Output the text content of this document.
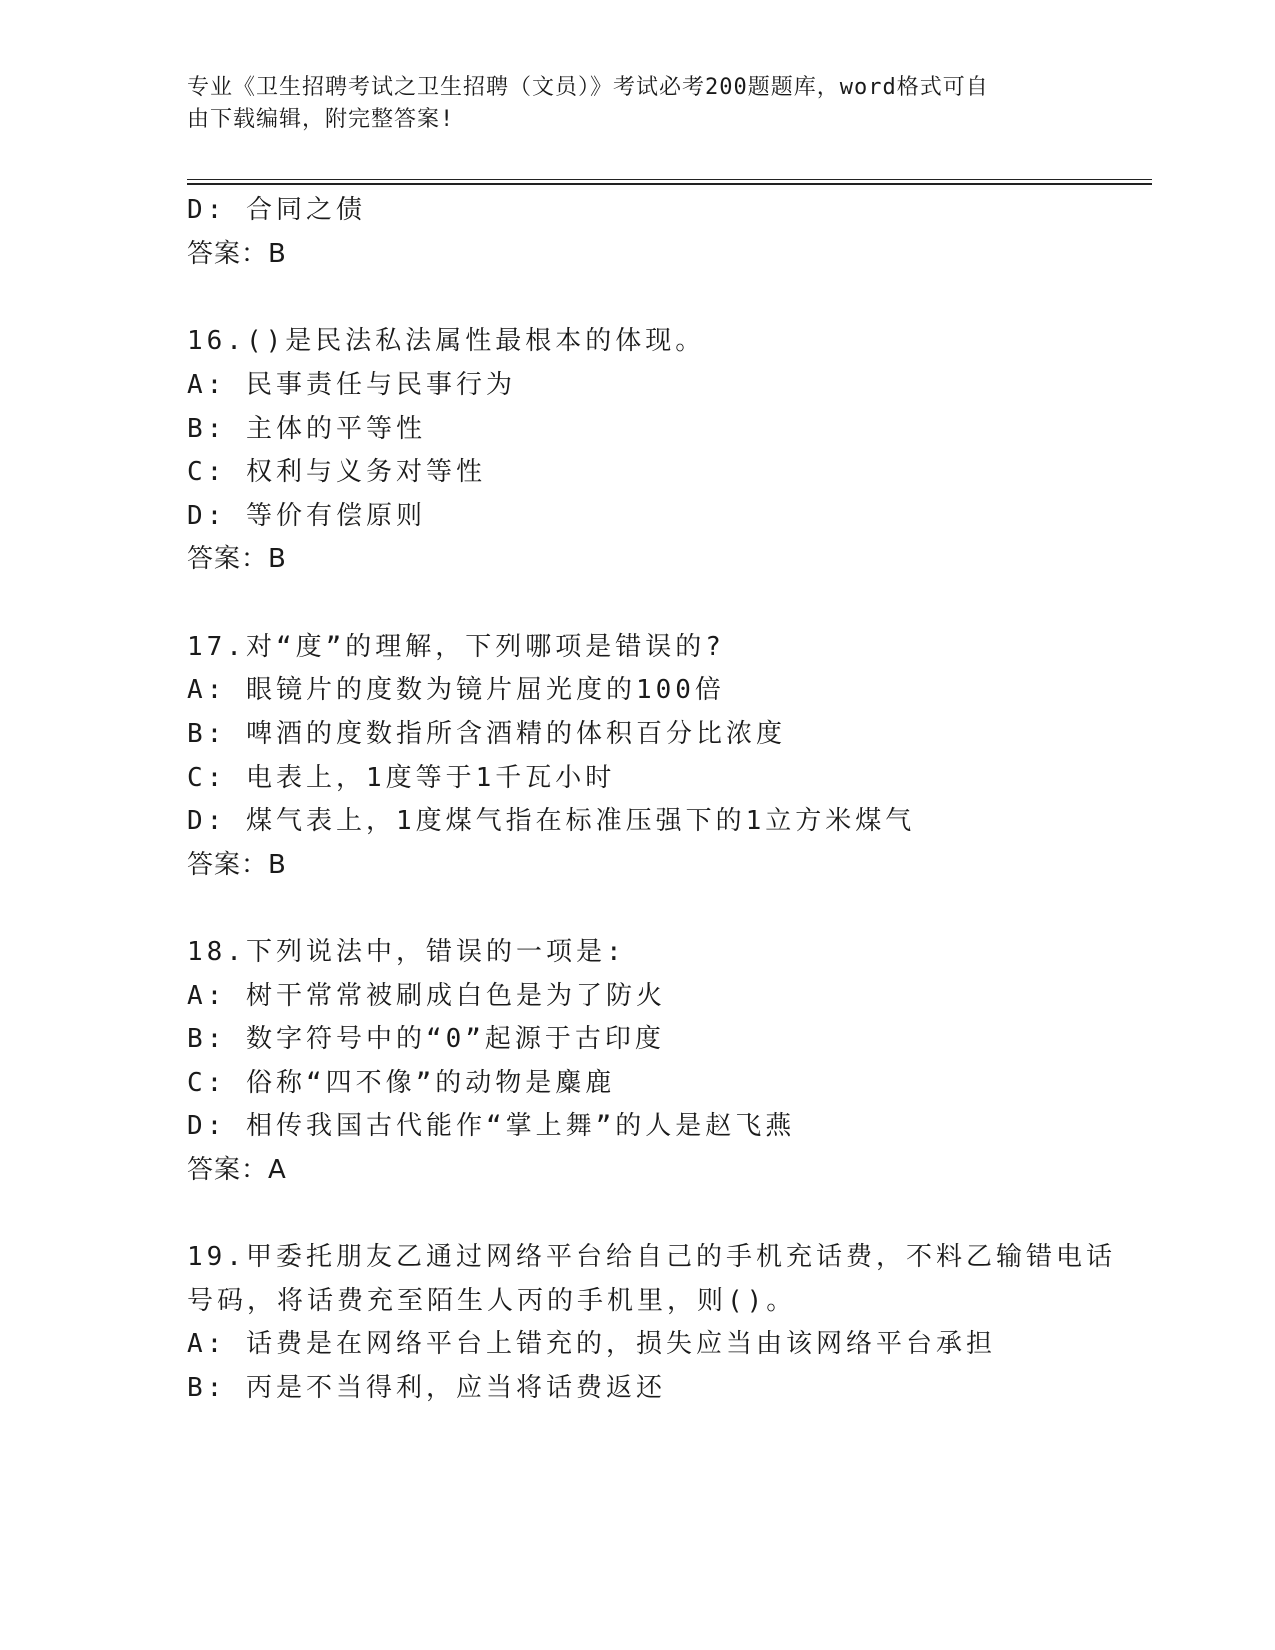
专业《卫生招聘考试之卫生招聘（文员）》考试必考200题题库，word格式可自
由下载编辑，附完整答案!
D: 合同之债
答案：B
16.()是民法私法属性最根本的体现。
A: 民事责任与民事行为
B: 主体的平等性
C: 权利与义务对等性
D: 等价有偿原则
答案：B
17.对“度”的理解，下列哪项是错误的?
A: 眼镜片的度数为镜片屈光度的100倍
B: 啤酒的度数指所含酒精的体积百分比浓度
C: 电表上，1度等于1千瓦小时
D: 煤气表上，1度煤气指在标准压强下的1立方米煤气
答案：B
18.下列说法中，错误的一项是:
A: 树干常常被刷成白色是为了防火
B: 数字符号中的“0”起源于古印度
C: 俗称“四不像”的动物是麋鹿
D: 相传我国古代能作“掌上舞”的人是赵飞燕
答案：A
19.甲委托朋友乙通过网络平台给自己的手机充话费，不料乙输错电话
号码，将话费充至陌生人丙的手机里，则()。
A: 话费是在网络平台上错充的，损失应当由该网络平台承担
B: 丙是不当得利，应当将话费返还
